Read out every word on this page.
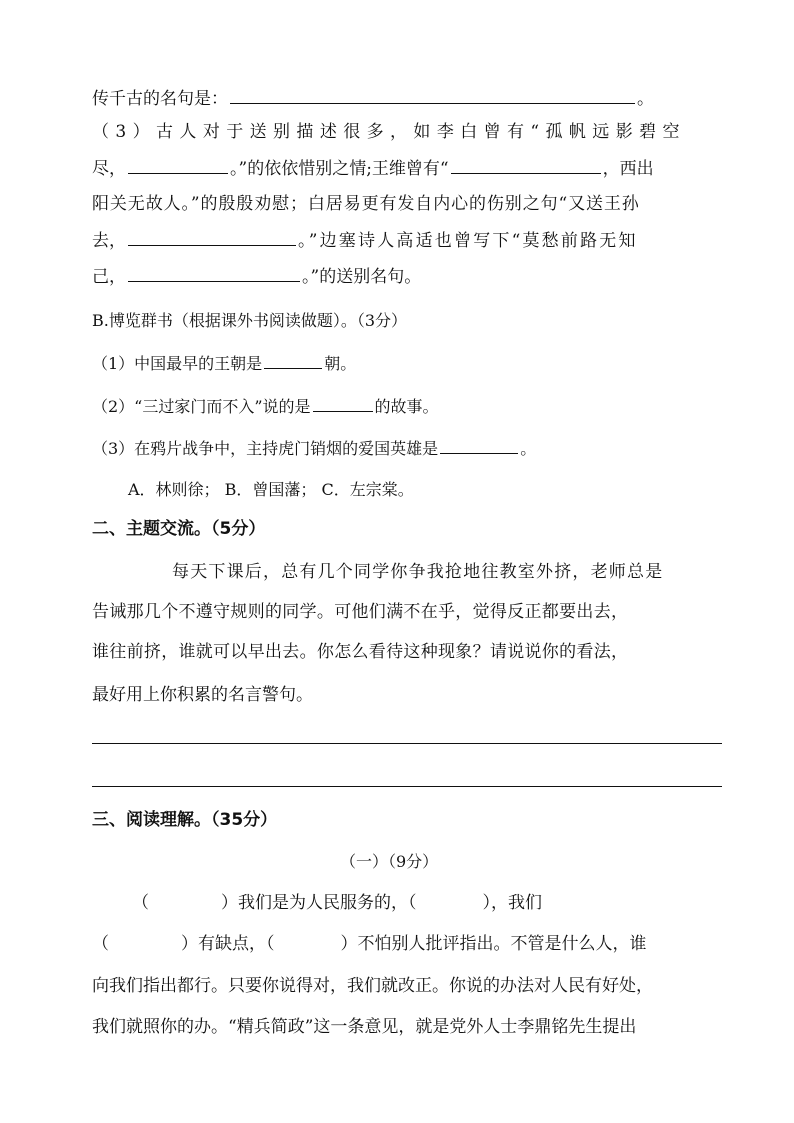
传千古的名句是：	。
（3）古人对于送别描述很多，如李白曾有“孤帆远影碧空
尽，	。”的依依惜别之情;王维曾有“	，西出
阳关无故人。”的殷殷劝慰；白居易更有发自内心的伤别之句“又送王孙
去，	。”边塞诗人高适也曾写下“莫愁前路无知
己，	。”的送别名句。
B.博览群书（根据课外书阅读做题）。（3分）
（1）中国最早的王朝是	朝。
（2）“三过家门而不入”说的是	的故事。
（3）在鸦片战争中，主持虎门销烟的爱国英雄是	。
A．林则徐； B．曾国藩； C．左宗棠。
二、主题交流。（5分）
每天下课后，总有几个同学你争我抢地往教室外挤，老师总是
告诫那几个不遵守规则的同学。可他们满不在乎，觉得反正都要出去，
谁往前挤，谁就可以早出去。你怎么看待这种现象？请说说你的看法，
最好用上你积累的名言警句。
三、阅读理解。（35分）
（一）（9分）
（	）我们是为人民服务的，（	），我们
（	）有缺点，（	）不怕别人批评指出。不管是什么人，谁
向我们指出都行。只要你说得对，我们就改正。你说的办法对人民有好处，
我们就照你的办。“精兵简政”这一条意见，就是党外人士李鼎铭先生提出
